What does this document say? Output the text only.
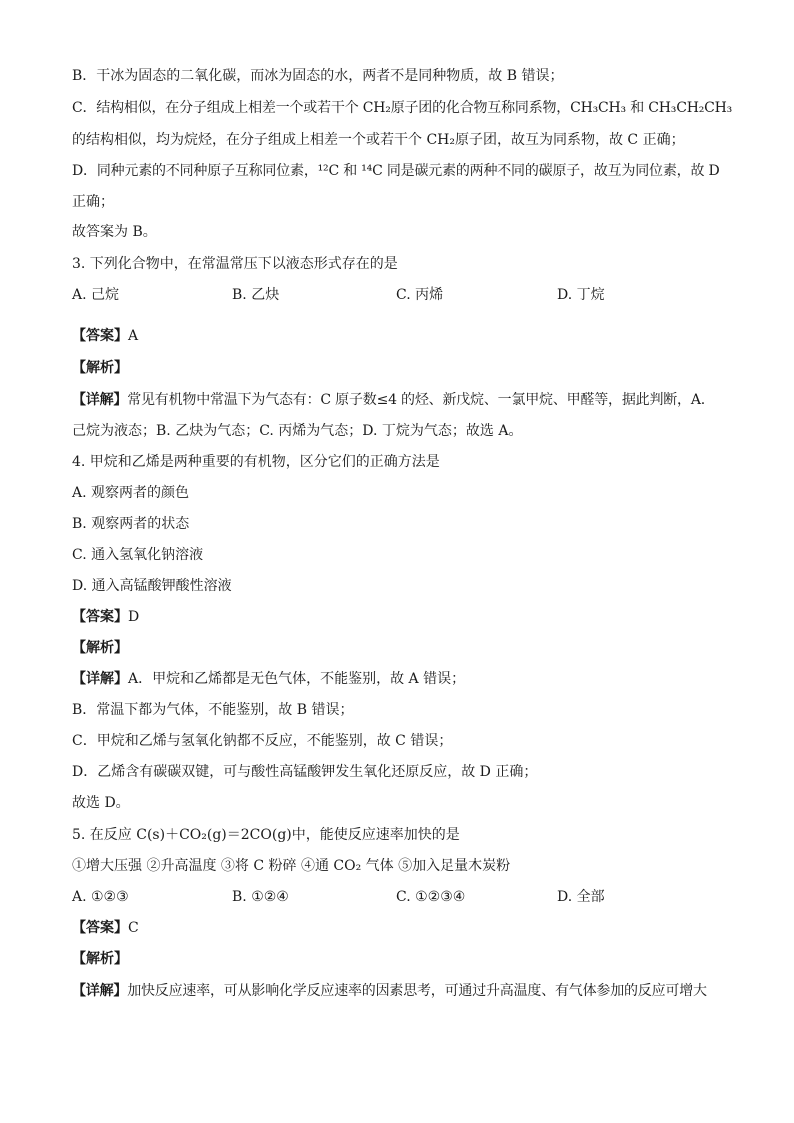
B．干冰为固态的二氧化碳，而冰为固态的水，两者不是同种物质，故 B 错误；
C．结构相似，在分子组成上相差一个或若干个 CH₂原子团的化合物互称同系物，CH₃CH₃ 和 CH₃CH₂CH₃
的结构相似，均为烷烃，在分子组成上相差一个或若干个 CH₂原子团，故互为同系物，故 C 正确；
D．同种元素的不同种原子互称同位素，¹²C 和 ¹⁴C 同是碳元素的两种不同的碳原子，故互为同位素，故 D
正确；
故答案为 B。
3. 下列化合物中，在常温常压下以液态形式存在的是
A. 己烷	B. 乙炔	C. 丙烯	D. 丁烷
【答案】A
【解析】
【详解】常见有机物中常温下为气态有：C 原子数≤4 的烃、新戊烷、一氯甲烷、甲醛等，据此判断，A.
己烷为液态；B. 乙炔为气态；C. 丙烯为气态；D. 丁烷为气态；故选 A。
4. 甲烷和乙烯是两种重要的有机物，区分它们的正确方法是
A. 观察两者的颜色
B. 观察两者的状态
C. 通入氢氧化钠溶液
D. 通入高锰酸钾酸性溶液
【答案】D
【解析】
【详解】A．甲烷和乙烯都是无色气体，不能鉴别，故 A 错误；
B．常温下都为气体，不能鉴别，故 B 错误；
C．甲烷和乙烯与氢氧化钠都不反应，不能鉴别，故 C 错误；
D．乙烯含有碳碳双键，可与酸性高锰酸钾发生氧化还原反应，故 D 正确；
故选 D。
5. 在反应 C(s)＋CO₂(g)＝2CO(g)中，能使反应速率加快的是
①增大压强 ②升高温度 ③将 C 粉碎 ④通 CO₂ 气体 ⑤加入足量木炭粉
A. ①②③	B. ①②④	C. ①②③④	D. 全部
【答案】C
【解析】
【详解】加快反应速率，可从影响化学反应速率的因素思考，可通过升高温度、有气体参加的反应可增大
